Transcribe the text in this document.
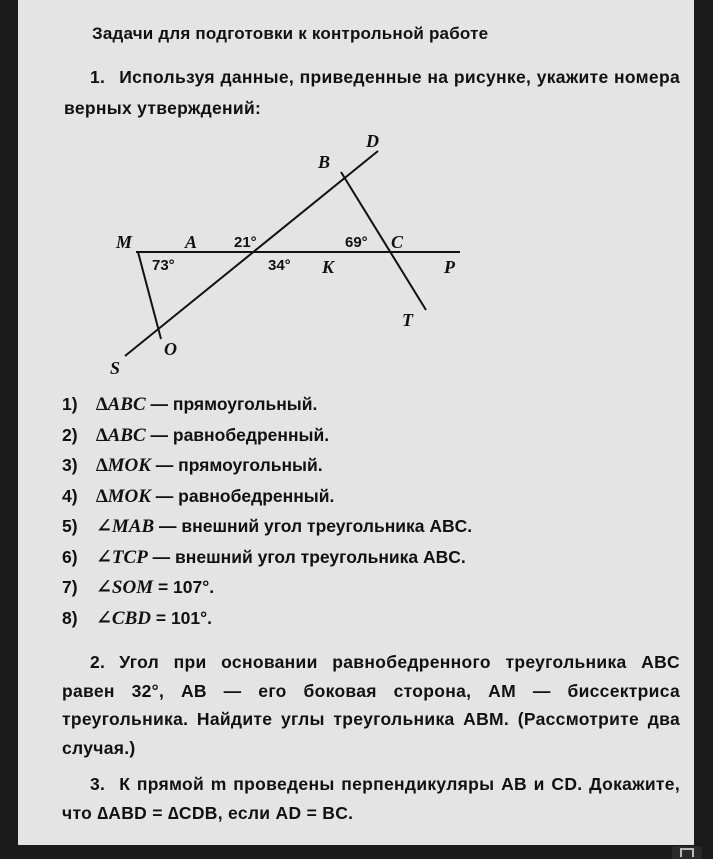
Задачи для подготовки к контрольной работе
1. Используя данные, приведенные на рисунке, укажите номера верных утверждений:
D
B
M	A	C
P
K
T
O
S
21°	69°
73°	34°
1) ∆ABC — прямоугольный.
2) ∆ABC — равнобедренный.
3) ∆MOK — прямоугольный.
4) ∆MOK — равнобедренный.
5) ∠MAB — внешний угол треугольника ABC.
6) ∠TCP — внешний угол треугольника ABC.
7) ∠SOM = 107°.
8) ∠CBD = 101°.
2. Угол при основании равнобедренного треугольника ABC равен 32°, AB — его боковая сторона, AM — биссектриса треугольника. Найдите углы треугольника ABM. (Рассмотрите два случая.)
3. К прямой m проведены перпендикуляры AB и CD. Докажите, что ∆ABD = ∆CDB, если AD = BC.
